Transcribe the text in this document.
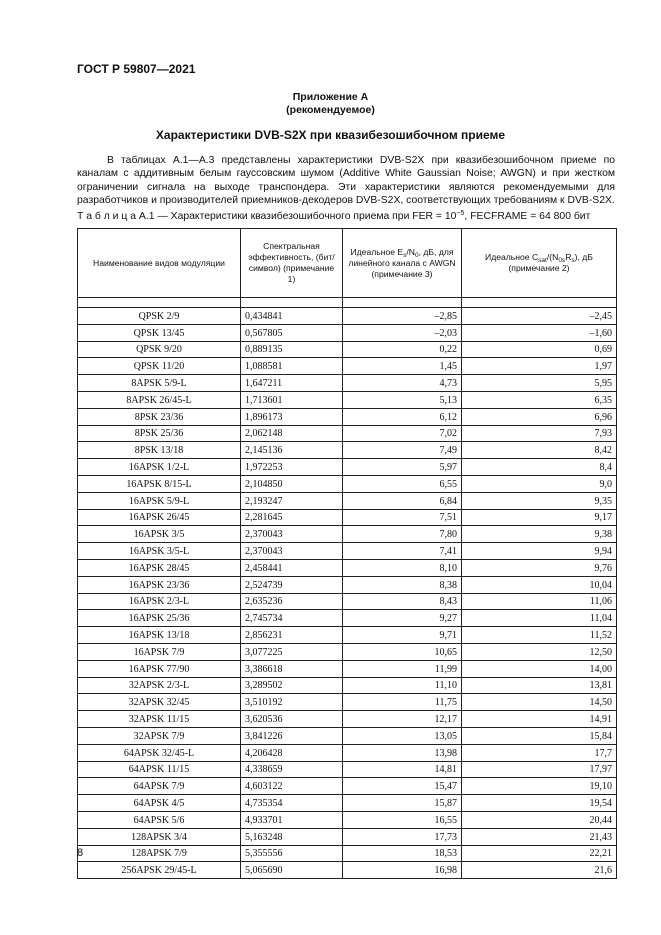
ГОСТ Р 59807—2021
Приложение А
(рекомендуемое)
Характеристики DVB-S2X при квазибезошибочном приеме
В таблицах А.1—А.3 представлены характеристики DVB-S2X при квазибезошибочном приеме по каналам с аддитивным белым гауссовским шумом (Additive White Gaussian Noise; AWGN) и при жестком ограничении сигнала на выходе транспондера. Эти характеристики являются рекомендуемыми для разработчиков и производителей приемников-декодеров DVB-S2X, соответствующих требованиям к DVB-S2X.
Т а б л и ц а А.1 — Характеристики квазибезошибочного приема при FER = $10^{-5}$, FECFRAME = 64 800 бит
Наименование видов модуляции	Спектральная эффективность, (бит/символ) (примечание 1)	Идеальное $E_s/N_0$, дБ, для линейного канала с AWGN (примечание 3)	Идеальное $C_{sat}/(N_{0s}R_s)$, дБ (примечание 2)

QPSK 2/9	0,434841	–2,85	–2,45
QPSK 13/45	0,567805	–2,03	–1,60
QPSK 9/20	0,889135	0,22	0,69
QPSK 11/20	1,088581	1,45	1,97
8APSK 5/9-L	1,647211	4,73	5,95
8APSK 26/45-L	1,713601	5,13	6,35
8PSK 23/36	1,896173	6,12	6,96
8PSK 25/36	2,062148	7,02	7,93
8PSK 13/18	2,145136	7,49	8,42
16APSK 1/2-L	1,972253	5,97	8,4
16APSK 8/15-L	2,104850	6,55	9,0
16APSK 5/9-L	2,193247	6,84	9,35
16APSK 26/45	2,281645	7,51	9,17
16APSK 3/5	2,370043	7,80	9,38
16APSK 3/5-L	2,370043	7,41	9,94
16APSK 28/45	2,458441	8,10	9,76
16APSK 23/36	2,524739	8,38	10,04
16APSK 2/3-L	2,635236	8,43	11,06
16APSK 25/36	2,745734	9,27	11,04
16APSK 13/18	2,856231	9,71	11,52
16APSK 7/9	3,077225	10,65	12,50
16APSK 77/90	3,386618	11,99	14,00
32APSK 2/3-L	3,289502	11,10	13,81
32APSK 32/45	3,510192	11,75	14,50
32APSK 11/15	3,620536	12,17	14,91
32APSK 7/9	3,841226	13,05	15,84
64APSK 32/45-L	4,206428	13,98	17,7
64APSK 11/15	4,338659	14,81	17,97
64APSK 7/9	4,603122	15,47	19,10
64APSK 4/5	4,735354	15,87	19,54
64APSK 5/6	4,933701	16,55	20,44
128APSK 3/4	5,163248	17,73	21,43
128APSK 7/9	5,355556	18,53	22,21
256APSK 29/45-L	5,065690	16,98	21,6
8
